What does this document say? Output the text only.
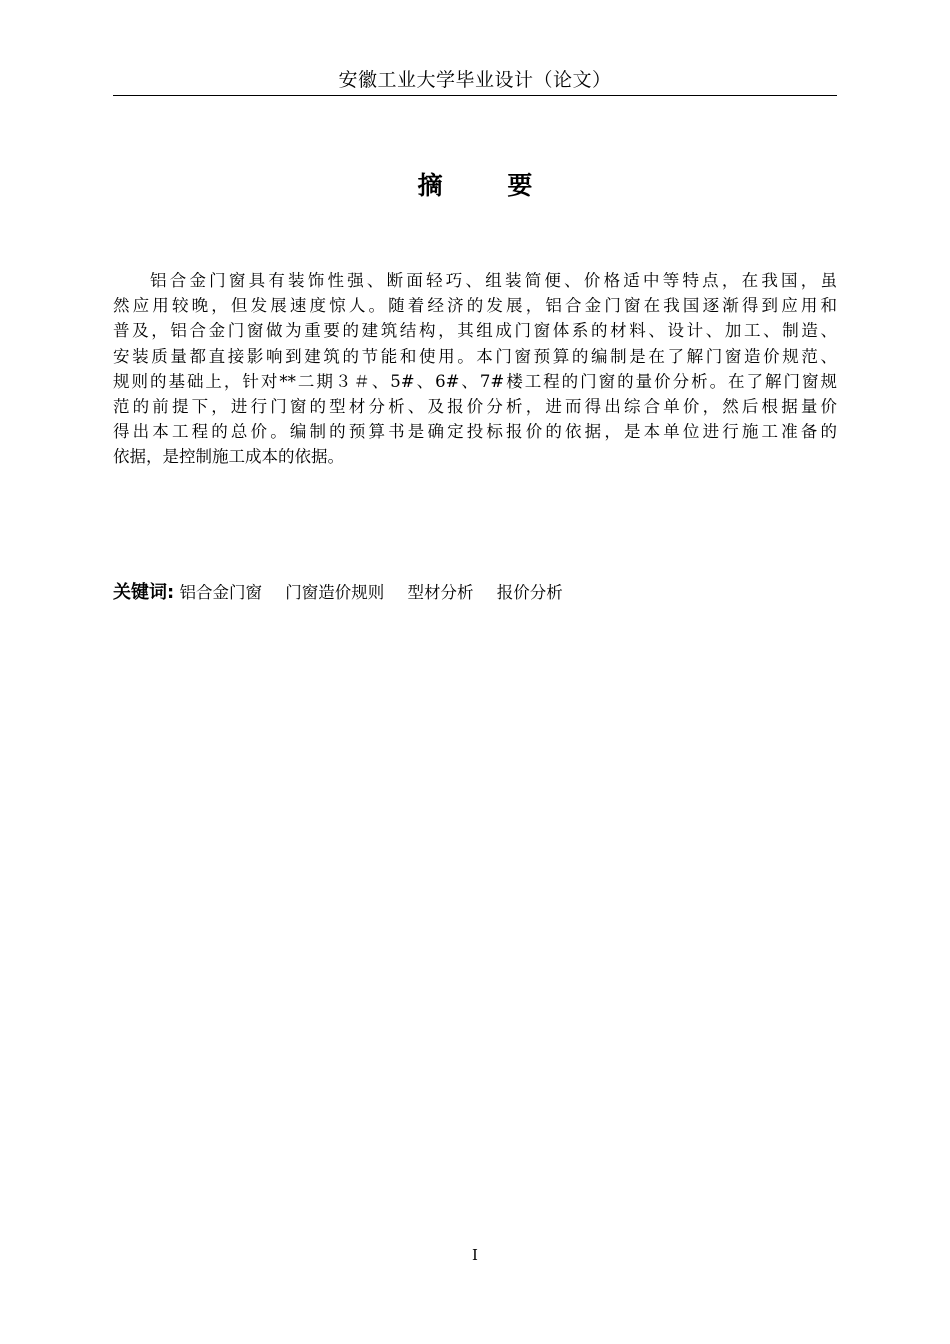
安徽工业大学毕业设计（论文）
摘 要
铝合金门窗具有装饰性强、断面轻巧、组装简便、价格适中等特点，在我国，虽
然应用较晚，但发展速度惊人。随着经济的发展，铝合金门窗在我国逐渐得到应用和
普及，铝合金门窗做为重要的建筑结构，其组成门窗体系的材料、设计、加工、制造、
安装质量都直接影响到建筑的节能和使用。本门窗预算的编制是在了解门窗造价规范、
规则的基础上，针对**二期３＃、5#、6#、7#楼工程的门窗的量价分析。在了解门窗规
范的前提下，进行门窗的型材分析、及报价分析，进而得出综合单价，然后根据量价
得出本工程的总价。编制的预算书是确定投标报价的依据，是本单位进行施工准备的
依据，是控制施工成本的依据。
关键词: 铝合金门窗 门窗造价规则 型材分析 报价分析
I
